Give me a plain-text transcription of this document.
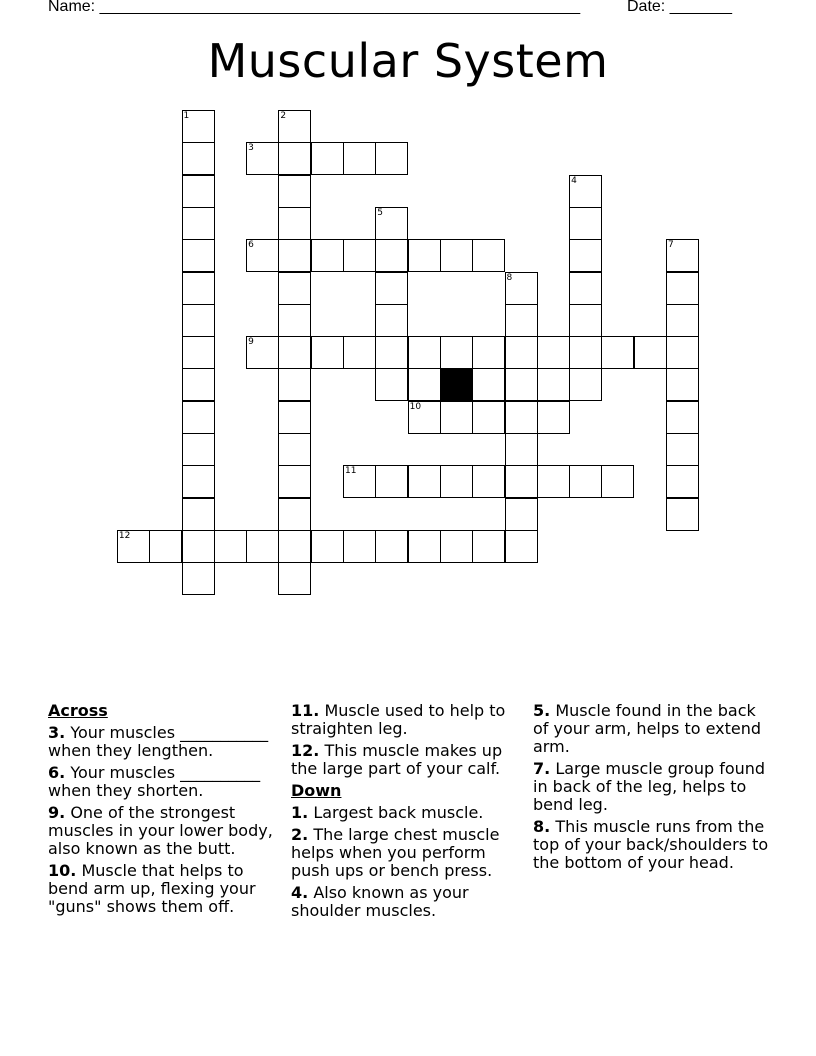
Name: ______________________________________________________	Date: _______
Muscular System
1	2
3
4
5
6	7
8
9
10
11
12
Across
3. Your muscles ___________ when they lengthen.
6. Your muscles __________ when they shorten.
9. One of the strongest muscles in your lower body, also known as the butt.
10. Muscle that helps to bend arm up, flexing your "guns" shows them off.
11. Muscle used to help to straighten leg.
12. This muscle makes up the large part of your calf.
Down
1. Largest back muscle.
2. The large chest muscle helps when you perform push ups or bench press.
4. Also known as your shoulder muscles.
5. Muscle found in the back of your arm, helps to extend arm.
7. Large muscle group found in back of the leg, helps to bend leg.
8. This muscle runs from the top of your back/shoulders to the bottom of your head.
